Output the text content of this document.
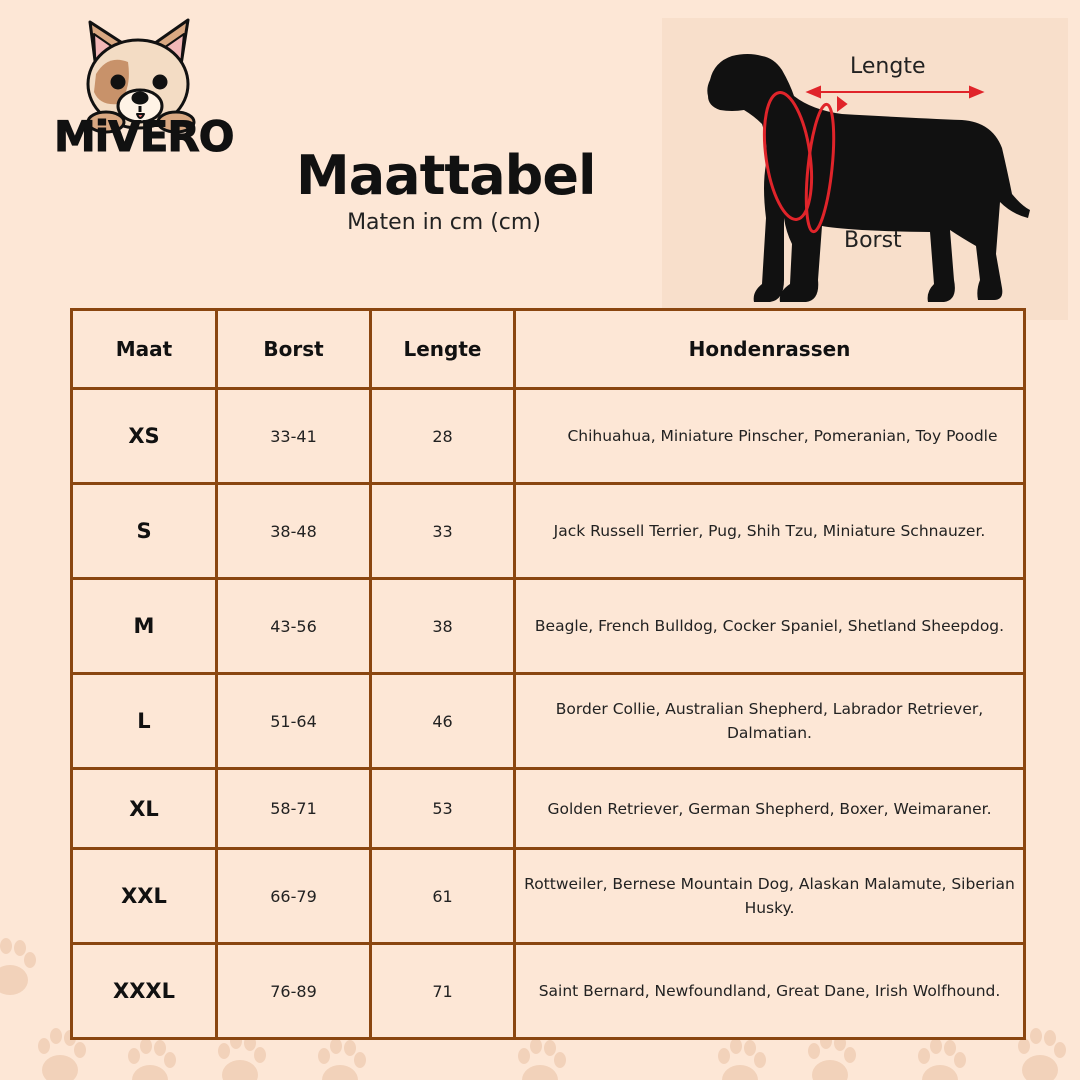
MiVERO
Maattabel
Maten in cm (cm)
Lengte
Borst
Maat	Borst	Lengte	Hondenrassen
XS	33-41	28	Chihuahua, Miniature Pinscher, Pomeranian, Toy Poodle
S	38-48	33	Jack Russell Terrier, Pug, Shih Tzu, Miniature Schnauzer.
M	43-56	38	Beagle, French Bulldog, Cocker Spaniel, Shetland Sheepdog.
L	51-64	46	Border Collie, Australian Shepherd, Labrador Retriever, Dalmatian.
XL	58-71	53	Golden Retriever, German Shepherd, Boxer, Weimaraner.
XXL	66-79	61	Rottweiler, Bernese Mountain Dog, Alaskan Malamute, Siberian Husky.
XXXL	76-89	71	Saint Bernard, Newfoundland, Great Dane, Irish Wolfhound.
